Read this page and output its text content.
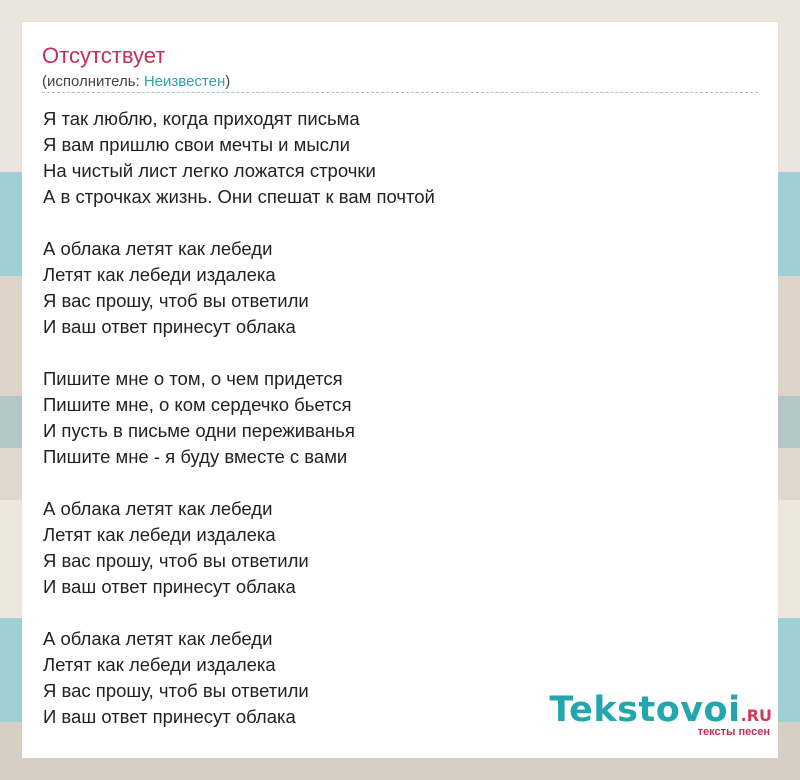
Отсутствует
(исполнитель: Неизвестен)
Я так люблю, когда приходят письма
Я вам пришлю свои мечты и мысли
На чистый лист легко ложатся строчки
А в строчках жизнь. Они спешат к вам почтой
А облака летят как лебеди
Летят как лебеди издалека
Я вас прошу, чтоб вы ответили
И ваш ответ принесут облака
Пишите мне о том, о чем придется
Пишите мне, о ком сердечко бьется
И пусть в письме одни переживанья
Пишите мне - я буду вместе с вами
А облака летят как лебеди
Летят как лебеди издалека
Я вас прошу, чтоб вы ответили
И ваш ответ принесут облака
А облака летят как лебеди
Летят как лебеди издалека
Я вас прошу, чтоб вы ответили
И ваш ответ принесут облака	Tekstovoi.RU
тексты песен
